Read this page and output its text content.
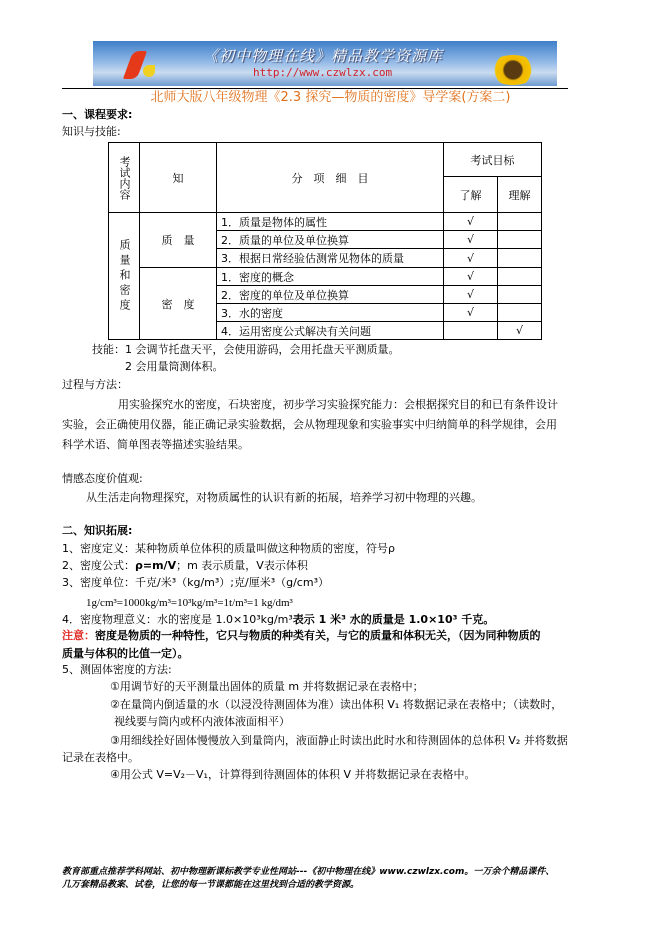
《初中物理在线》精品教学资源库
http://www.czwlzx.com
北师大版八年级物理《2.3 探究—物质的密度》导学案(方案二)
一、课程要求:
知识与技能:
考试内容	知	分　项　细　目	考试目标	
			了解	理解
质量和密度	质　量	1．质量是物体的属性	√	
		2．质量的单位及单位换算	√	
		3．根据日常经验估测常见物体的质量	√	
	密　度	1．密度的概念	√	
		2．密度的单位及单位换算	√	
		3．水的密度	√	
		4．运用密度公式解决有关问题		√
技能：1 会调节托盘天平，会使用游码，会用托盘天平测质量。
2 会用量筒测体积。
过程与方法：
用实验探究水的密度，石块密度，初步学习实验探究能力：会根据探究目的和已有条件设计
实验，会正确使用仪器，能正确记录实验数据，会从物理现象和实验事实中归纳简单的科学规律，会用
科学术语、简单图表等描述实验结果。
情感态度价值观:
从生活走向物理探究，对物质属性的认识有新的拓展，培养学习初中物理的兴趣。
二、知识拓展:
1、密度定义：某种物质单位体积的质量叫做这种物质的密度，符号ρ
2、密度公式：ρ=m/V；m 表示质量，V表示体积
3、密度单位：千克/米³（kg/m³）;克/厘米³（g/cm³）
1g/cm³=1000kg/m³=10³kg/m³=1t/m³=1 kg/dm³
4．密度物理意义：水的密度是 1.0×10³kg/m³表示 1 米³ 水的质量是 1.0×10³ 千克。
注意：密度是物质的一种特性，它只与物质的种类有关，与它的质量和体积无关，（因为同种物质的
质量与体积的比值一定）。
5、测固体密度的方法:
①用调节好的天平测量出固体的质量 m 并将数据记录在表格中；
②在量筒内倒适量的水（以浸没待测固体为准）读出体积 V₁ 将数据记录在表格中；（读数时，
视线要与筒内或杯内液体液面相平）
③用细线拴好固体慢慢放入到量筒内，液面静止时读出此时水和待测固体的总体积 V₂ 并将数据
记录在表格中。
④用公式 V=V₂－V₁，计算得到待测固体的体积 V 并将数据记录在表格中。
教育部重点推荐学科网站、初中物理新课标教学专业性网站---《初中物理在线》www.czwlzx.com。一万余个精品课件、
几万套精品教案、试卷，让您的每一节课都能在这里找到合适的教学资源。
